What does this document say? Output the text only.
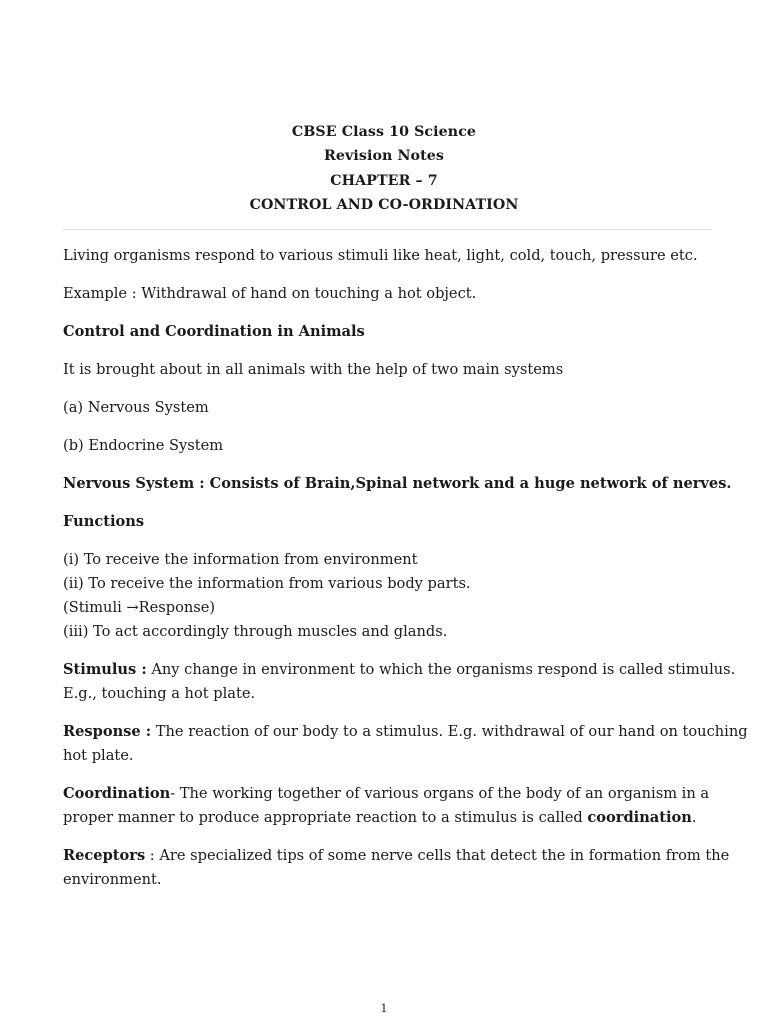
CBSE Class 10 Science
Revision Notes
CHAPTER – 7
CONTROL AND CO-ORDINATION

Living organisms respond to various stimuli like heat, light, cold, touch, pressure etc.

Example : Withdrawal of hand on touching a hot object.

Control and Coordination in Animals

It is brought about in all animals with the help of two main systems

(a) Nervous System

(b) Endocrine System

Nervous System : Consists of Brain,Spinal network and a huge network of nerves.

Functions

(i) To receive the information from environment
(ii) To receive the information from various body parts.
(Stimuli →Response)
(iii) To act accordingly through muscles and glands.
Stimulus : Any change in environment to which the organisms respond is called stimulus.
E.g., touching a hot plate.
Response : The reaction of our body to a stimulus. E.g. withdrawal of our hand on touching
hot plate.
Coordination- The working together of various organs of the body of an organism in a
proper manner to produce appropriate reaction to a stimulus is called coordination.
Receptors : Are specialized tips of some nerve cells that detect the in formation from the
environment.
1
